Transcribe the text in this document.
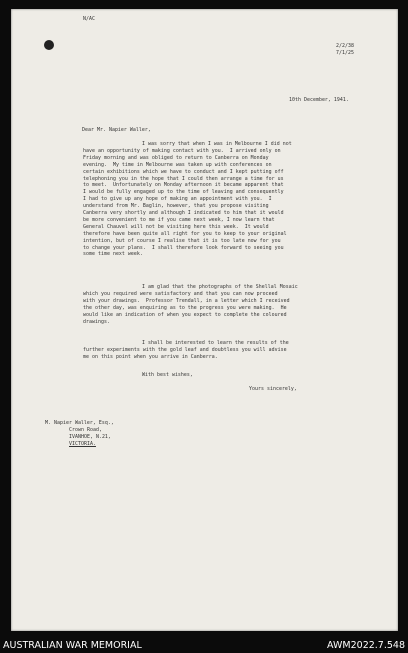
N/AC
2/2/38
7/1/25
10th December, 1941.
Dear Mr. Napier Waller,
I was sorry that when I was in Melbourne I did not
have an opportunity of making contact with you.  I arrived only on
Friday morning and was obliged to return to Canberra on Monday
evening.  My time in Melbourne was taken up with conferences on
certain exhibitions which we have to conduct and I kept putting off
telephoning you in the hope that I could then arrange a time for us
to meet.  Unfortunately on Monday afternoon it became apparent that
I would be fully engaged up to the time of leaving and consequently
I had to give up any hope of making an appointment with you.  I
understand from Mr. Baglin, however, that you propose visiting
Canberra very shortly and although I indicated to him that it would
be more convenient to me if you came next week, I now learn that
General Chauvel will not be visiting here this week.  It would
therefore have been quite all right for you to keep to your original
intention, but of course I realise that it is too late now for you
to change your plans.  I shall therefore look forward to seeing you
some time next week.
I am glad that the photographs of the Shellal Mosaic
which you required were satisfactory and that you can now proceed
with your drawings.  Professor Trendall, in a letter which I received
the other day, was enquiring as to the progress you were making.  He
would like an indication of when you expect to complete the coloured
drawings.
I shall be interested to learn the results of the
further experiments with the gold leaf and doubtless you will advise
me on this point when you arrive in Canberra.
With best wishes,
Yours sincerely,
M. Napier Waller, Esq.,
Crown Road,
IVANHOE, N.21,
VICTORIA.
AUSTRALIAN WAR MEMORIAL	AWM2022.7.548
